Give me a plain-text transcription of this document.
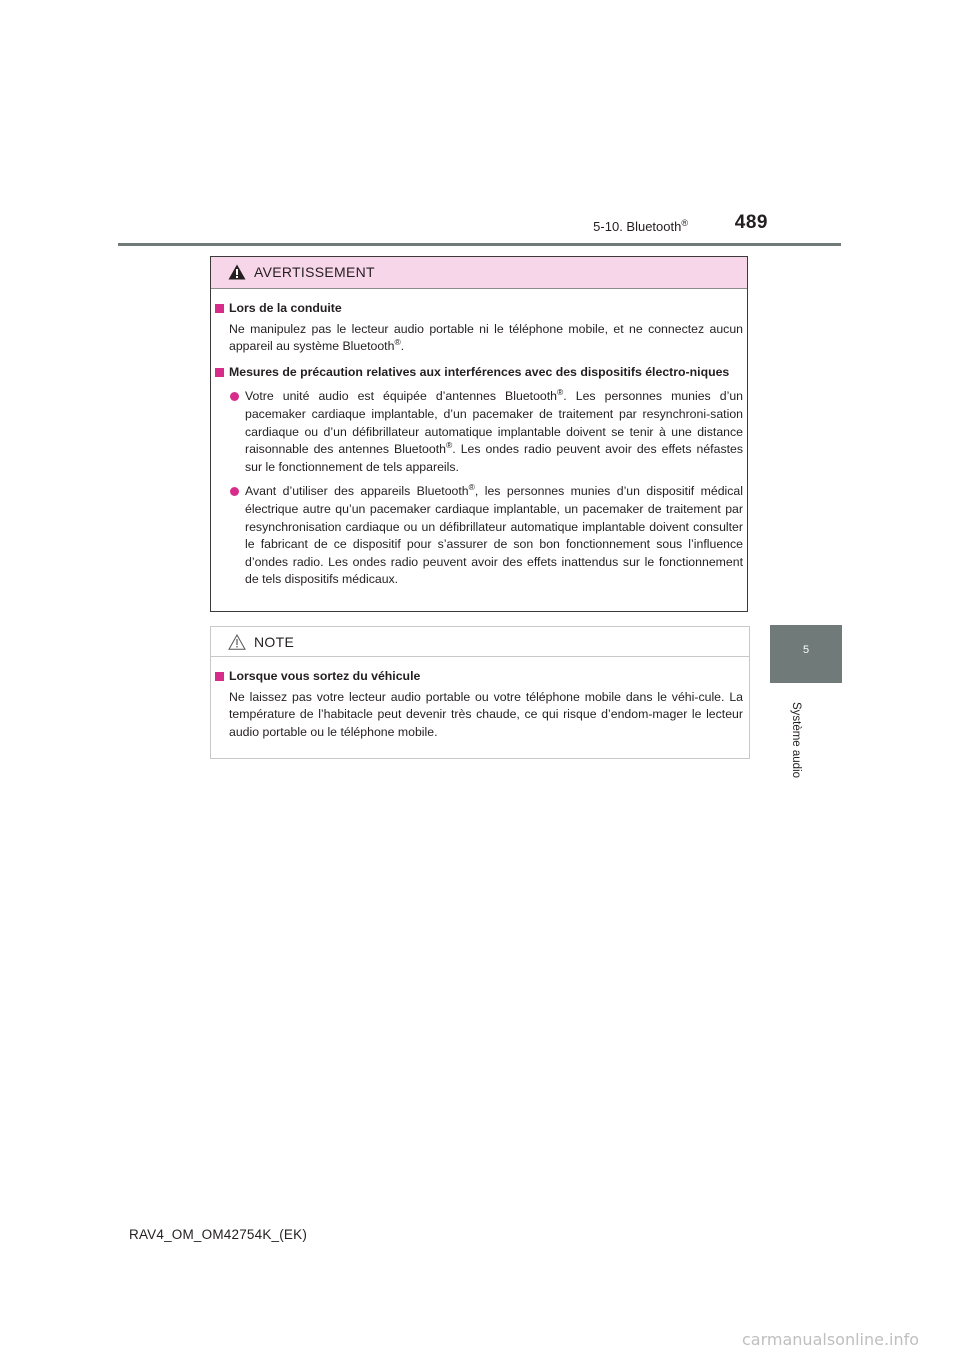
5-10. Bluetooth® 489
5
Système audio
AVERTISSEMENT
Lors de la conduite
Ne manipulez pas le lecteur audio portable ni le téléphone mobile, et ne connectez aucun appareil au système Bluetooth®.
Mesures de précaution relatives aux interférences avec des dispositifs électro-niques
Votre unité audio est équipée d’antennes Bluetooth®. Les personnes munies d’un pacemaker cardiaque implantable, d’un pacemaker de traitement par resynchroni-sation cardiaque ou d’un défibrillateur automatique implantable doivent se tenir à une distance raisonnable des antennes Bluetooth®. Les ondes radio peuvent avoir des effets néfastes sur le fonctionnement de tels appareils.
Avant d’utiliser des appareils Bluetooth®, les personnes munies d’un dispositif médical électrique autre qu’un pacemaker cardiaque implantable, un pacemaker de traitement par resynchronisation cardiaque ou un défibrillateur automatique implantable doivent consulter le fabricant de ce dispositif pour s’assurer de son bon fonctionnement sous l’influence d’ondes radio. Les ondes radio peuvent avoir des effets inattendus sur le fonctionnement de tels dispositifs médicaux.
NOTE
Lorsque vous sortez du véhicule
Ne laissez pas votre lecteur audio portable ou votre téléphone mobile dans le véhi-cule. La température de l’habitacle peut devenir très chaude, ce qui risque d’endom-mager le lecteur audio portable ou le téléphone mobile.
RAV4_OM_OM42754K_(EK)
carmanualsonline.info
